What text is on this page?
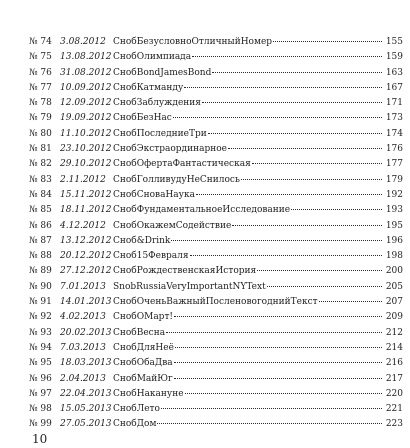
№ 74 3.08.2012 СнобБезусловноОтличныйНомер	155
№ 75 13.08.2012 СнобОлимпиада	159
№ 76 31.08.2012 СнобBondJamesBond	163
№ 77 10.09.2012 СнобКатманду	167
№ 78 12.09.2012 СнобЗаблуждения	171
№ 79 19.09.2012 СнобБезНас	173
№ 80 11.10.2012 СнобПоследниеТри	174
№ 81 23.10.2012 СнобЭкстраординарное	176
№ 82 29.10.2012 СнобОфертаФантастическая	177
№ 83 2.11.2012 СнобГолливудуНеСнилось	179
№ 84 15.11.2012 СнобСноваНаука	192
№ 85 18.11.2012 СнобФундаментальноеИсследование	193
№ 86 4.12.2012 СнобОкажемСодействие	195
№ 87 13.12.2012 Сноб&Drink	196
№ 88 20.12.2012 Сноб15Февраля	198
№ 89 27.12.2012 СнобРождественскаяИстория	200
№ 90 7.01.2013 SnobRussiaVeryImportantNYText	205
№ 91 14.01.2013 СнобОченьВажныйПосленовогоднийТекст	207
№ 92 4.02.2013 СнобОМарт!	209
№ 93 20.02.2013 СнобВесна	212
№ 94 7.03.2013 СнобДляНеё	214
№ 95 18.03.2013 СнобОбаДва	216
№ 96 2.04.2013 СнобМайЮг	217
№ 97 22.04.2013 СнобНакануне	220
№ 98 15.05.2013 СнобЛето	221
№ 99 27.05.2013 СнобДом	223
10
